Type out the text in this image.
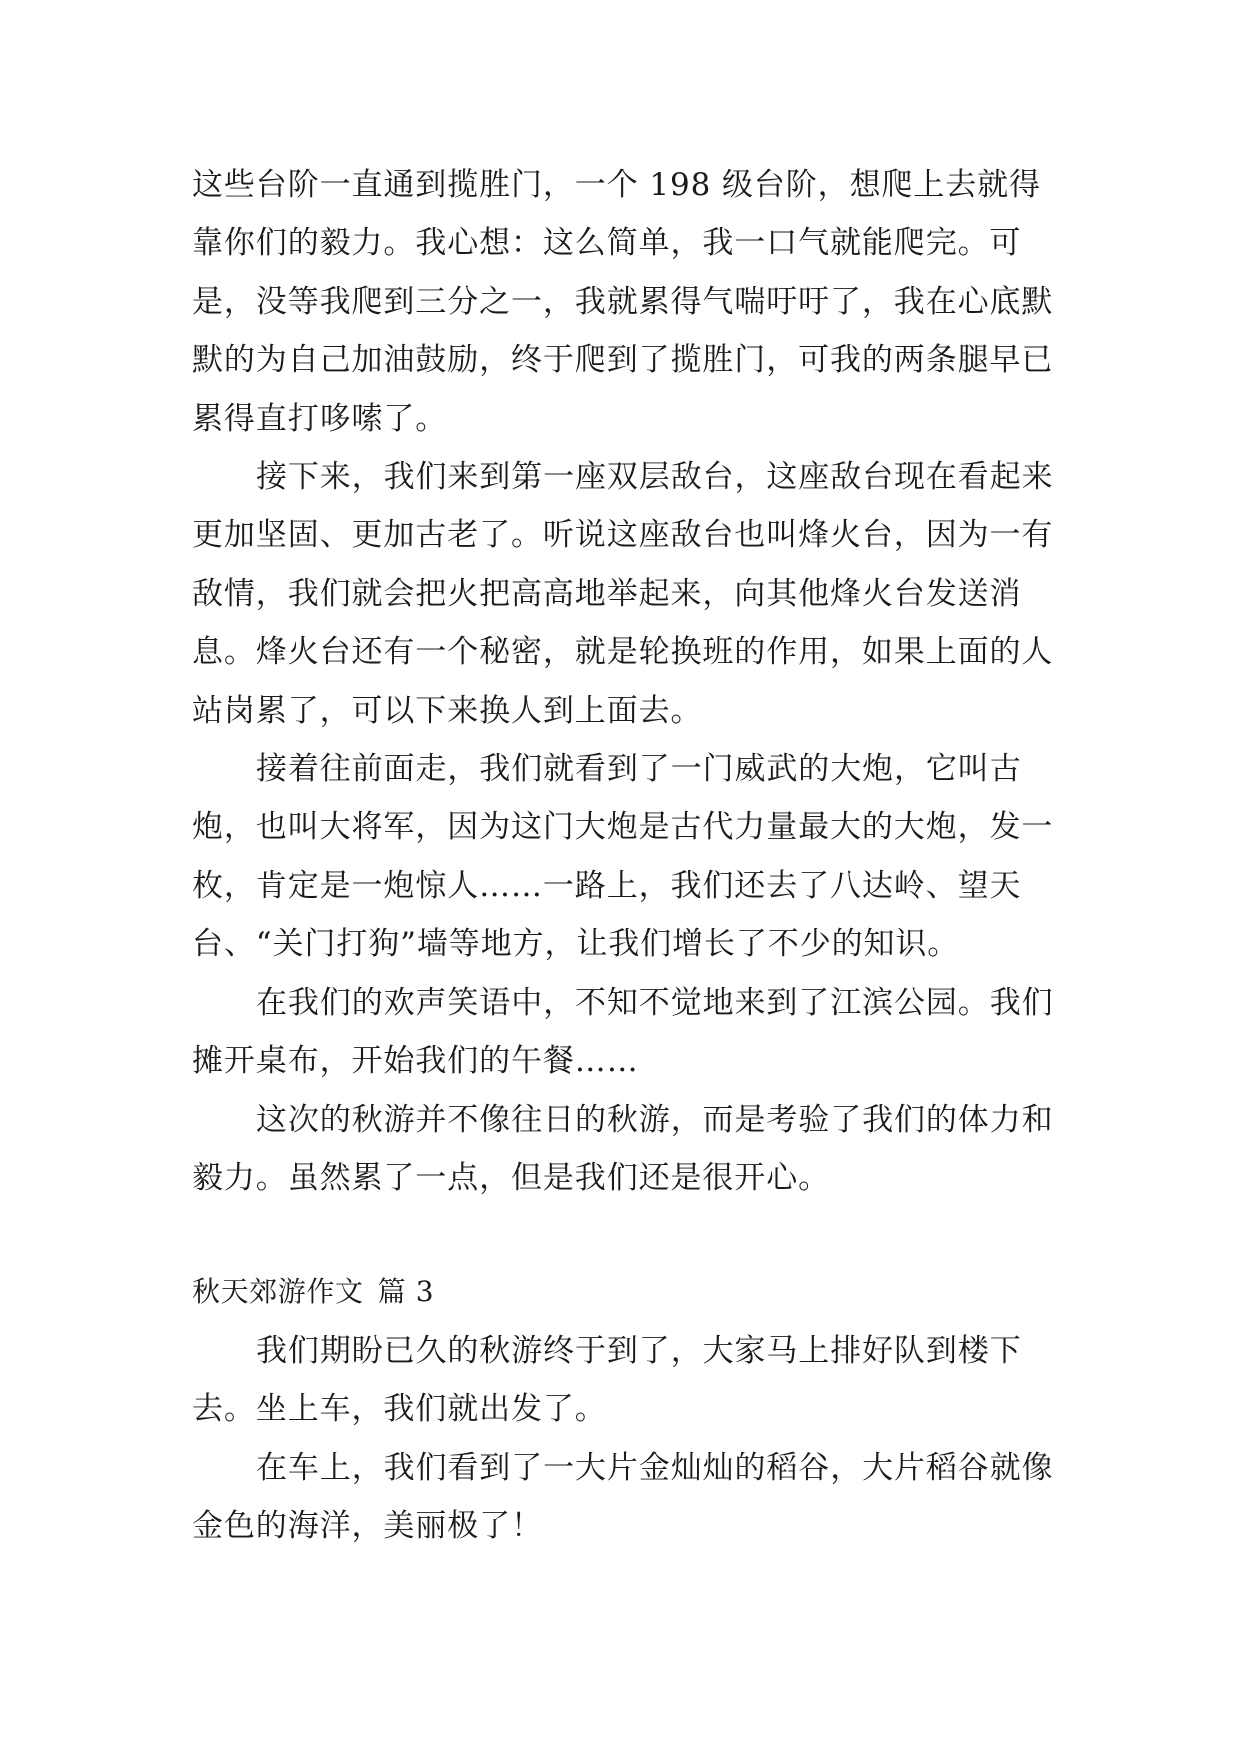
这些台阶一直通到揽胜门，一个 198 级台阶，想爬上去就得靠你们的毅力。我心想：这么简单，我一口气就能爬完。可是，没等我爬到三分之一，我就累得气喘吁吁了，我在心底默默的为自己加油鼓励，终于爬到了揽胜门，可我的两条腿早已累得直打哆嗦了。

接下来，我们来到第一座双层敌台，这座敌台现在看起来更加坚固、更加古老了。听说这座敌台也叫烽火台，因为一有敌情，我们就会把火把高高地举起来，向其他烽火台发送消息。烽火台还有一个秘密，就是轮换班的作用，如果上面的人站岗累了，可以下来换人到上面去。

接着往前面走，我们就看到了一门威武的大炮，它叫古炮，也叫大将军，因为这门大炮是古代力量最大的大炮，发一枚，肯定是一炮惊人……一路上，我们还去了八达岭、望天台、“关门打狗”墙等地方，让我们增长了不少的知识。

在我们的欢声笑语中，不知不觉地来到了江滨公园。我们摊开桌布，开始我们的午餐……

这次的秋游并不像往日的秋游，而是考验了我们的体力和毅力。虽然累了一点，但是我们还是很开心。

秋天郊游作文 篇 3

我们期盼已久的秋游终于到了，大家马上排好队到楼下去。坐上车，我们就出发了。

在车上，我们看到了一大片金灿灿的稻谷，大片稻谷就像金色的海洋，美丽极了！
